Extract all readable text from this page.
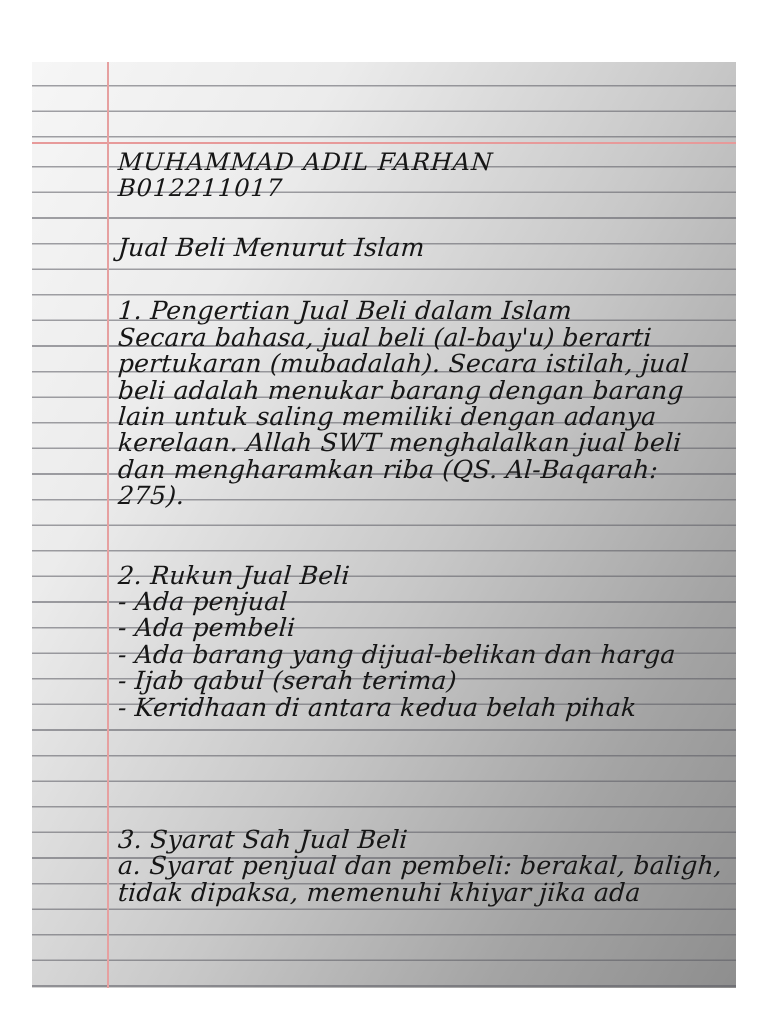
MUHAMMAD ADIL FARHAN
B012211017
Jual Beli Menurut Islam
1. Pengertian Jual Beli dalam Islam
Secara bahasa, jual beli (al-bay'u) berarti
pertukaran (mubadalah). Secara istilah, jual
beli adalah menukar barang dengan barang
lain untuk saling memiliki dengan adanya
kerelaan. Allah SWT menghalalkan jual beli
dan mengharamkan riba (QS. Al-Baqarah:
275).
2. Rukun Jual Beli
- Ada penjual
- Ada pembeli
- Ada barang yang dijual-belikan dan harga
- Ijab qabul (serah terima)
- Keridhaan di antara kedua belah pihak
3. Syarat Sah Jual Beli
a. Syarat penjual dan pembeli: berakal, baligh,
tidak dipaksa, memenuhi khiyar jika ada
